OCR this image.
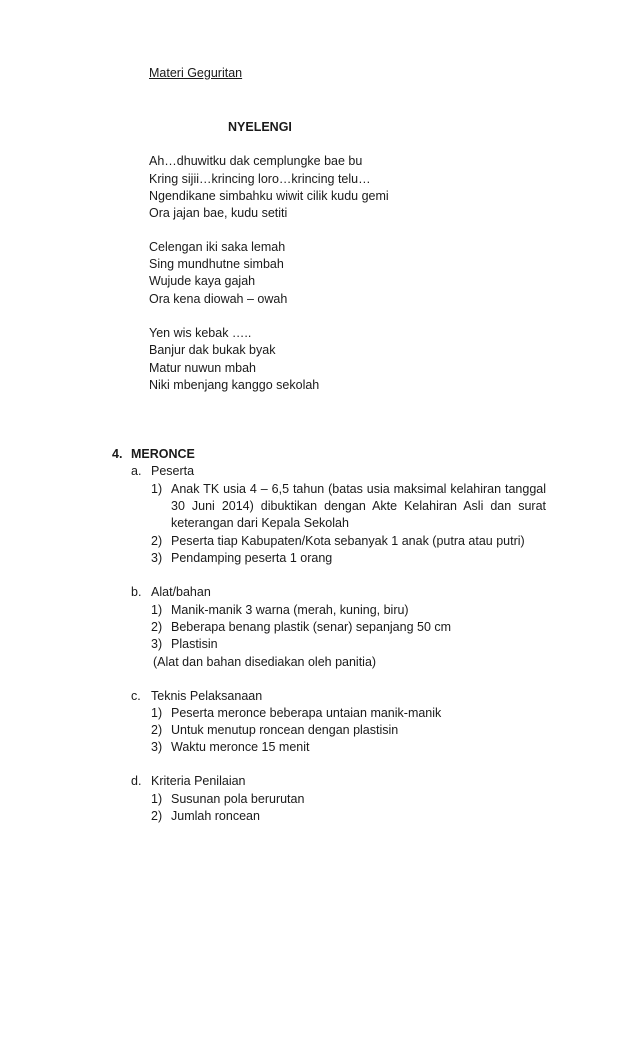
Materi Geguritan
NYELENGI
Ah…dhuwitku dak cemplungke bae bu
Kring sijii…krincing loro…krincing telu…
Ngendikane simbahku wiwit cilik kudu gemi
Ora jajan bae, kudu setiti
Celengan iki saka lemah
Sing mundhutne simbah
Wujude kaya gajah
Ora kena diowah – owah
Yen wis kebak …..
Banjur dak bukak byak
Matur nuwun mbah
Niki mbenjang kanggo sekolah
4. MERONCE
a. Peserta
1) Anak TK usia 4 – 6,5 tahun (batas usia maksimal kelahiran tanggal
30 Juni 2014) dibuktikan dengan Akte Kelahiran Asli dan surat
keterangan dari Kepala Sekolah
2) Peserta tiap Kabupaten/Kota sebanyak 1 anak (putra atau putri)
3) Pendamping peserta 1 orang
b. Alat/bahan
1) Manik-manik 3 warna (merah, kuning, biru)
2) Beberapa benang plastik (senar) sepanjang 50 cm
3) Plastisin
(Alat dan bahan disediakan oleh panitia)
c. Teknis Pelaksanaan
1) Peserta meronce beberapa untaian manik-manik
2) Untuk menutup roncean dengan plastisin
3) Waktu meronce 15 menit
d. Kriteria Penilaian
1) Susunan pola berurutan
2) Jumlah roncean
